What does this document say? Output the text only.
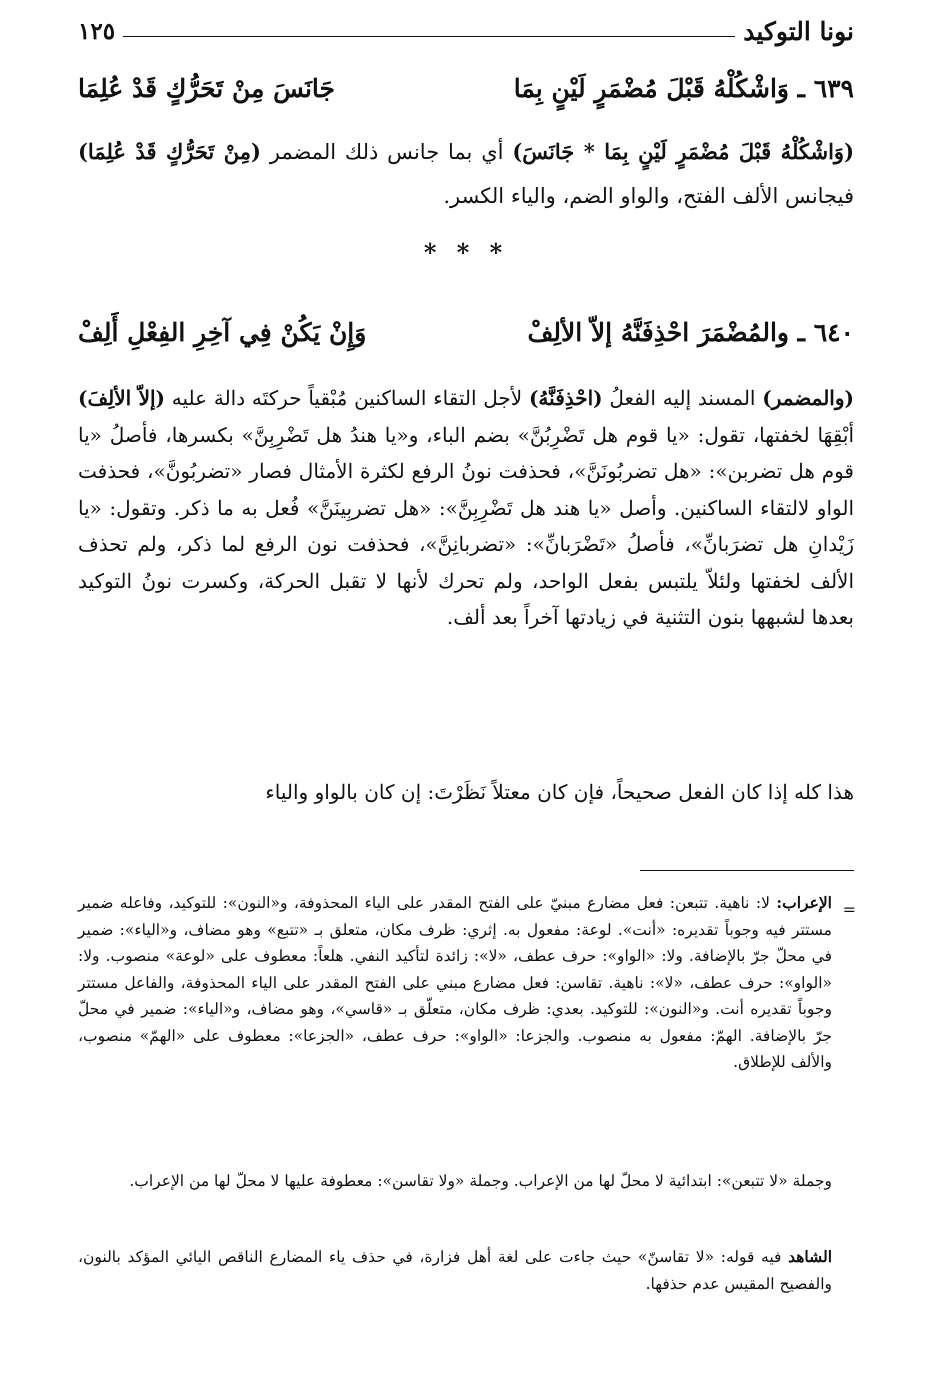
نونا التوكيد
١٢٥
٦٣٩ ـ وَاشْكُلْهُ قَبْلَ مُضْمَرٍ لَيْنٍ بِمَا
جَانَسَ مِنْ تَحَرُّكٍ قَدْ عُلِمَا
(وَاشْكُلْهُ قَبْلَ مُضْمَرٍ لَيْنٍ بِمَا * جَانَسَ) أي بما جانس ذلك المضمر (مِنْ تَحَرُّكٍ قَدْ عُلِمَا) فيجانس الألف الفتح، والواو الضم، والياء الكسر.
* * *
٦٤٠ ـ والمُضْمَرَ احْذِفَنَّهُ إلاّ الألِفْ
وَإِنْ يَكُنْ فِي آخِرِ الفِعْلِ أَلِفْ
(والمضمر) المسند إليه الفعلُ (احْذِفَنَّهُ) لأجل التقاء الساكنين مُبْقياً حركتَه دالة عليه (إلاّ الألِفَ) أبْقِهَا لخفتها، تقول: «يا قوم هل تَضْرِبُنَّ» بضم الباء، و«يا هندُ هل تَضْرِبِنَّ» بكسرها، فأصلُ «يا قوم هل تضربن»: «هل تضربُونَنَّ»، فحذفت نونُ الرفع لكثرة الأمثال فصار «تضربُونَّ»، فحذفت الواو لالتقاء الساكنين. وأصل «يا هند هل تَضْرِبِنَّ»: «هل تضربِينَنَّ» فُعل به ما ذكر. وتقول: «يا زَيْدانِ هل تضرَبانِّ»، فأصلُ «تَضْرَبانِّ»: «تضربانِنَّ»، فحذفت نون الرفع لما ذكر، ولم تحذف الألف لخفتها ولئلاّ يلتبس بفعل الواحد، ولم تحرك لأنها لا تقبل الحركة، وكسرت نونُ التوكيد بعدها لشبهها بنون التثنية في زيادتها آخراً بعد ألف.
هذا كله إذا كان الفعل صحيحاً، فإن كان معتلاً نَظَرْتَ: إن كان بالواو والياء
=
الإعراب: لا: ناهية. تتبعن: فعل مضارع مبنيّ على الفتح المقدر على الياء المحذوفة، و«النون»: للتوكيد، وفاعله ضمير مستتر فيه وجوباً تقديره: «أنت». لوعة: مفعول به. إثري: ظرف مكان، متعلق بـ «تتبع» وهو مضاف، و«الياء»: ضمير في محلّ جرّ بالإضافة. ولا: «الواو»: حرف عطف، «لا»: زائدة لتأكيد النفي. هلعاً: معطوف على «لوعة» منصوب. ولا: «الواو»: حرف عطف، «لا»: ناهية. تقاسن: فعل مضارع مبني على الفتح المقدر على الياء المحذوفة، والفاعل مستتر وجوباً تقديره أنت. و«النون»: للتوكيد. بعدي: ظرف مكان، متعلّق بـ «قاسي»، وهو مضاف، و«الياء»: ضمير في محلّ جرّ بالإضافة. الهمّ: مفعول به منصوب. والجزعا: «الواو»: حرف عطف، «الجزعا»: معطوف على «الهمّ» منصوب، والألف للإطلاق.
وجملة «لا تتبعن»: ابتدائية لا محلّ لها من الإعراب. وجملة «ولا تقاسن»: معطوفة عليها لا محلّ لها من الإعراب.
الشاهد فيه قوله: «لا تقاسنّ» حيث جاءت على لغة أهل فزارة، في حذف ياء المضارع الناقص اليائي المؤكد بالنون، والفصيح المقيس عدم حذفها.
